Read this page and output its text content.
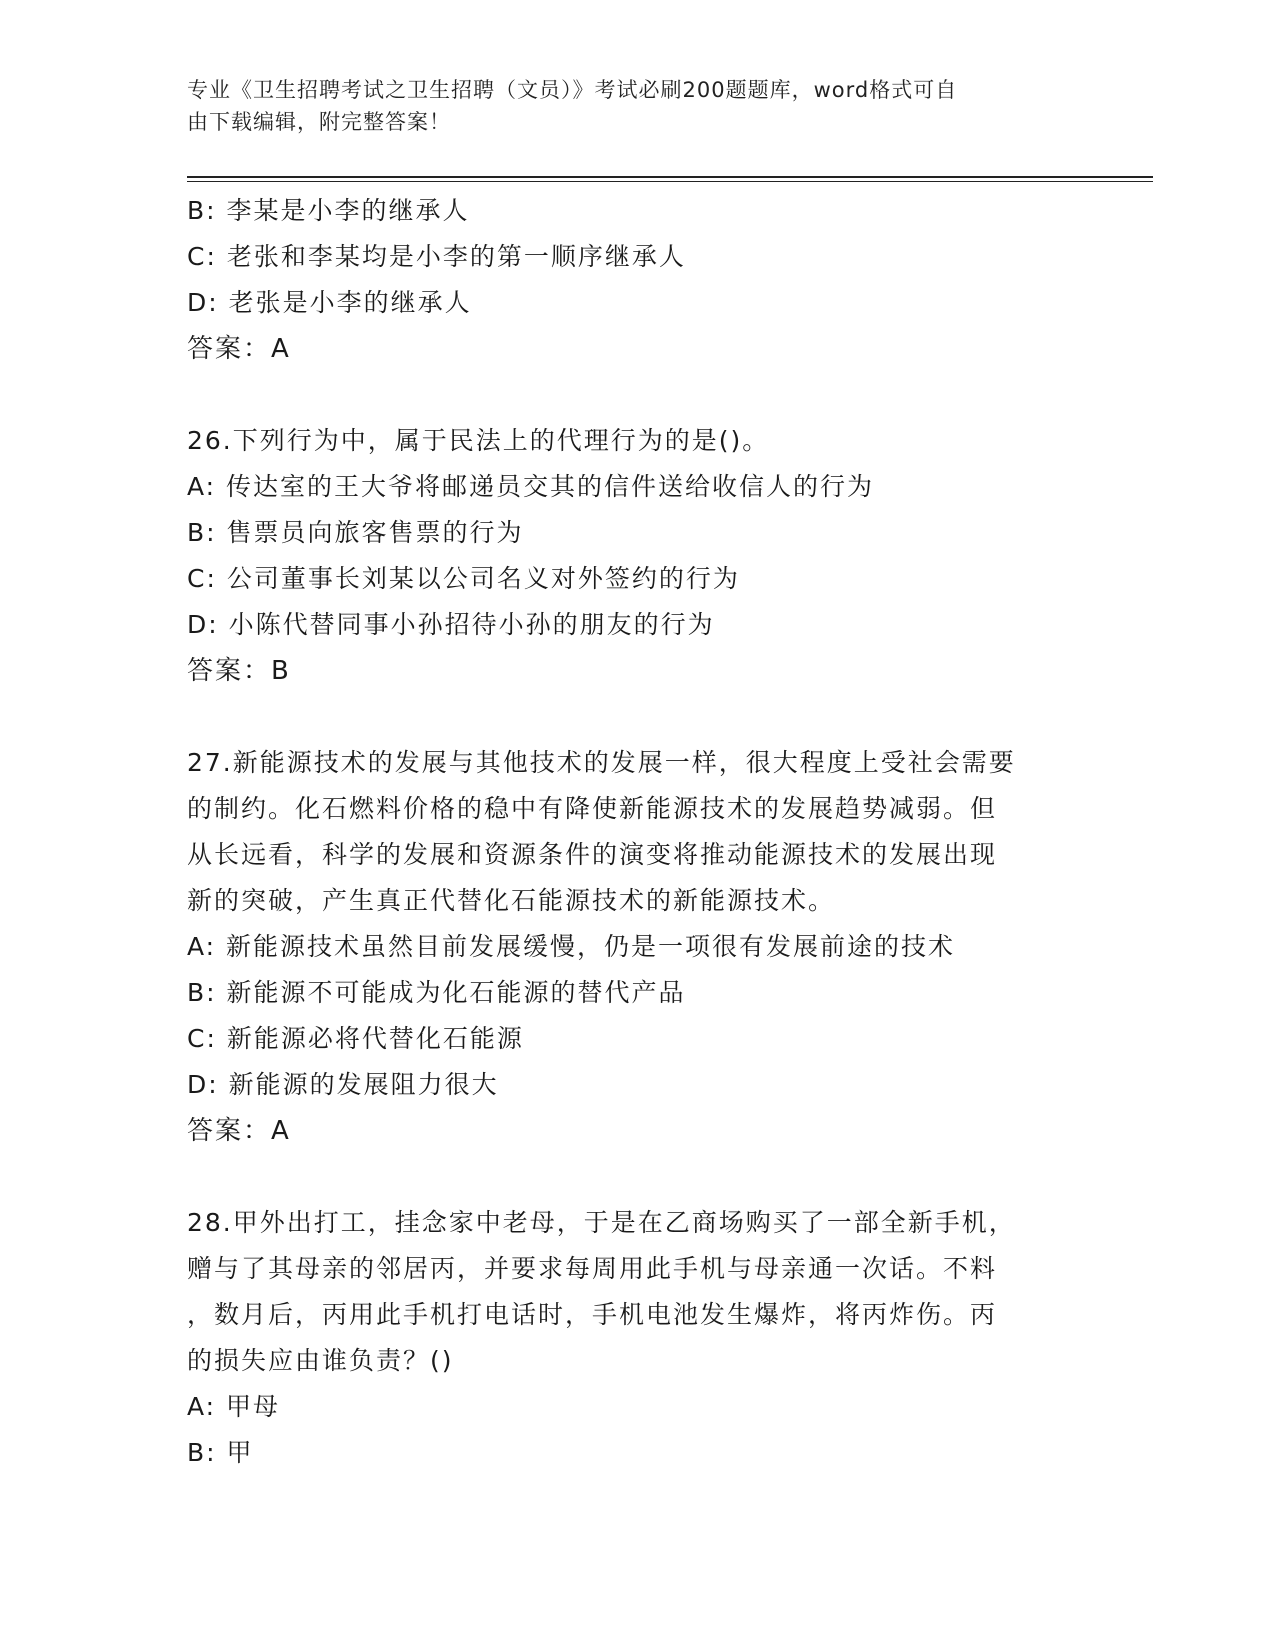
专业《卫生招聘考试之卫生招聘（文员）》考试必刷200题题库，word格式可自
由下载编辑，附完整答案！
B: 李某是小李的继承人
C: 老张和李某均是小李的第一顺序继承人
D: 老张是小李的继承人
答案：A
26.下列行为中，属于民法上的代理行为的是()。
A: 传达室的王大爷将邮递员交其的信件送给收信人的行为
B: 售票员向旅客售票的行为
C: 公司董事长刘某以公司名义对外签约的行为
D: 小陈代替同事小孙招待小孙的朋友的行为
答案：B
27.新能源技术的发展与其他技术的发展一样，很大程度上受社会需要
的制约。化石燃料价格的稳中有降使新能源技术的发展趋势减弱。但
从长远看，科学的发展和资源条件的演变将推动能源技术的发展出现
新的突破，产生真正代替化石能源技术的新能源技术。
A: 新能源技术虽然目前发展缓慢，仍是一项很有发展前途的技术
B: 新能源不可能成为化石能源的替代产品
C: 新能源必将代替化石能源
D: 新能源的发展阻力很大
答案：A
28.甲外出打工，挂念家中老母，于是在乙商场购买了一部全新手机，
赠与了其母亲的邻居丙，并要求每周用此手机与母亲通一次话。不料
，数月后，丙用此手机打电话时，手机电池发生爆炸，将丙炸伤。丙
的损失应由谁负责？()
A: 甲母
B: 甲
